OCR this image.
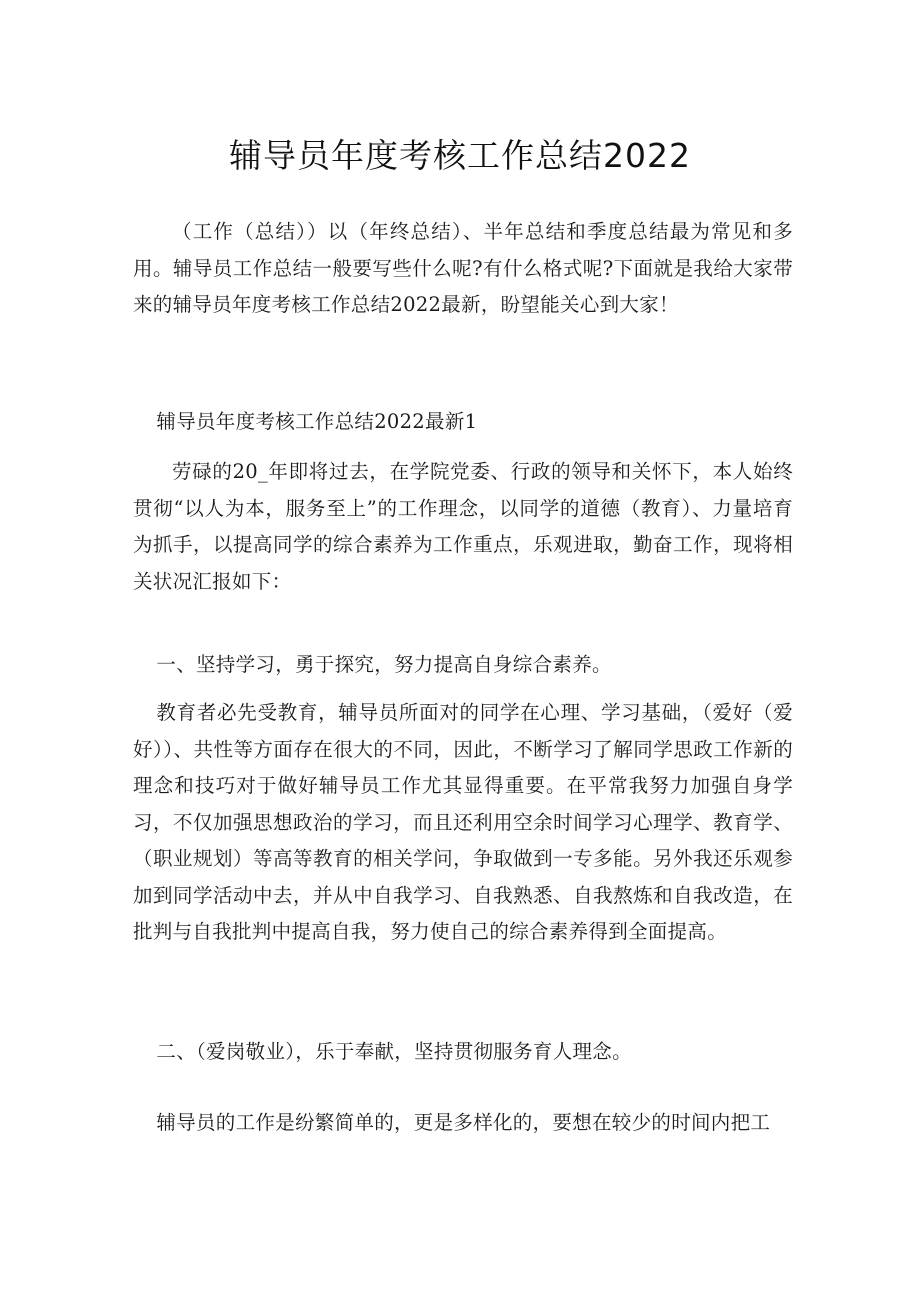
辅导员年度考核工作总结2022

（工作（总结））以（年终总结）、半年总结和季度总结最为常见和多用。辅导员工作总结一般要写些什么呢?有什么格式呢?下面就是我给大家带来的辅导员年度考核工作总结2022最新，盼望能关心到大家！

辅导员年度考核工作总结2022最新1

劳碌的20_年即将过去，在学院党委、行政的领导和关怀下，本人始终贯彻“以人为本，服务至上”的工作理念，以同学的道德（教育）、力量培育为抓手，以提高同学的综合素养为工作重点，乐观进取，勤奋工作，现将相关状况汇报如下：

一、坚持学习，勇于探究，努力提高自身综合素养。

教育者必先受教育，辅导员所面对的同学在心理、学习基础，（爱好（爱好））、共性等方面存在很大的不同，因此，不断学习了解同学思政工作新的理念和技巧对于做好辅导员工作尤其显得重要。在平常我努力加强自身学习，不仅加强思想政治的学习，而且还利用空余时间学习心理学、教育学、（职业规划）等高等教育的相关学问，争取做到一专多能。另外我还乐观参加到同学活动中去，并从中自我学习、自我熟悉、自我熬炼和自我改造，在批判与自我批判中提高自我，努力使自己的综合素养得到全面提高。

二、（爱岗敬业），乐于奉献，坚持贯彻服务育人理念。

辅导员的工作是纷繁简单的，更是多样化的，要想在较少的时间内把工
